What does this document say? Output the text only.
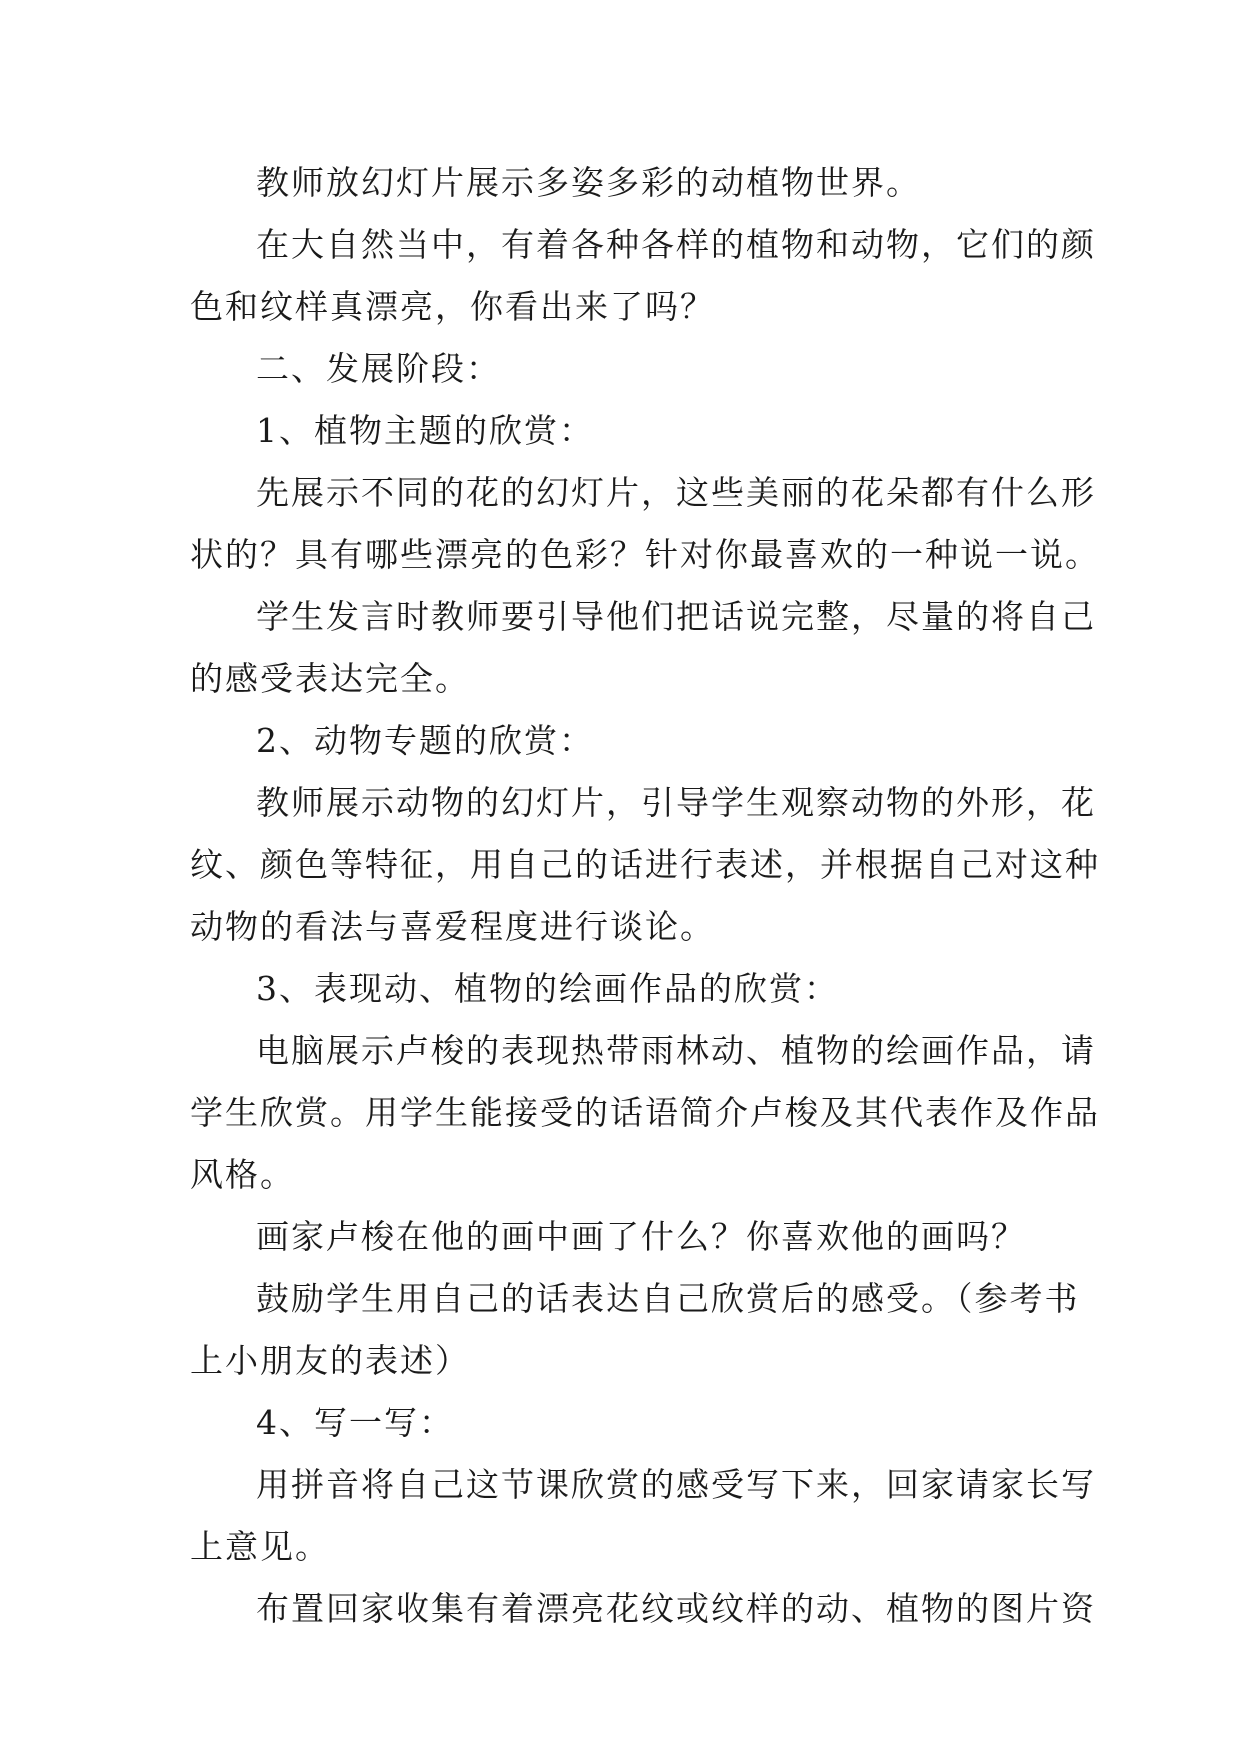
教师放幻灯片展示多姿多彩的动植物世界。

在大自然当中，有着各种各样的植物和动物，它们的颜
色和纹样真漂亮，你看出来了吗？

二、发展阶段：

1、植物主题的欣赏：

先展示不同的花的幻灯片，这些美丽的花朵都有什么形
状的？具有哪些漂亮的色彩？针对你最喜欢的一种说一说。

学生发言时教师要引导他们把话说完整，尽量的将自己
的感受表达完全。

2、动物专题的欣赏：

教师展示动物的幻灯片，引导学生观察动物的外形，花
纹、颜色等特征，用自己的话进行表述，并根据自己对这种
动物的看法与喜爱程度进行谈论。

3、表现动、植物的绘画作品的欣赏：

电脑展示卢梭的表现热带雨林动、植物的绘画作品，请
学生欣赏。用学生能接受的话语简介卢梭及其代表作及作品
风格。

画家卢梭在他的画中画了什么？你喜欢他的画吗？

鼓励学生用自己的话表达自己欣赏后的感受。（参考书
上小朋友的表述）

4、写一写：

用拼音将自己这节课欣赏的感受写下来，回家请家长写
上意见。

布置回家收集有着漂亮花纹或纹样的动、植物的图片资
